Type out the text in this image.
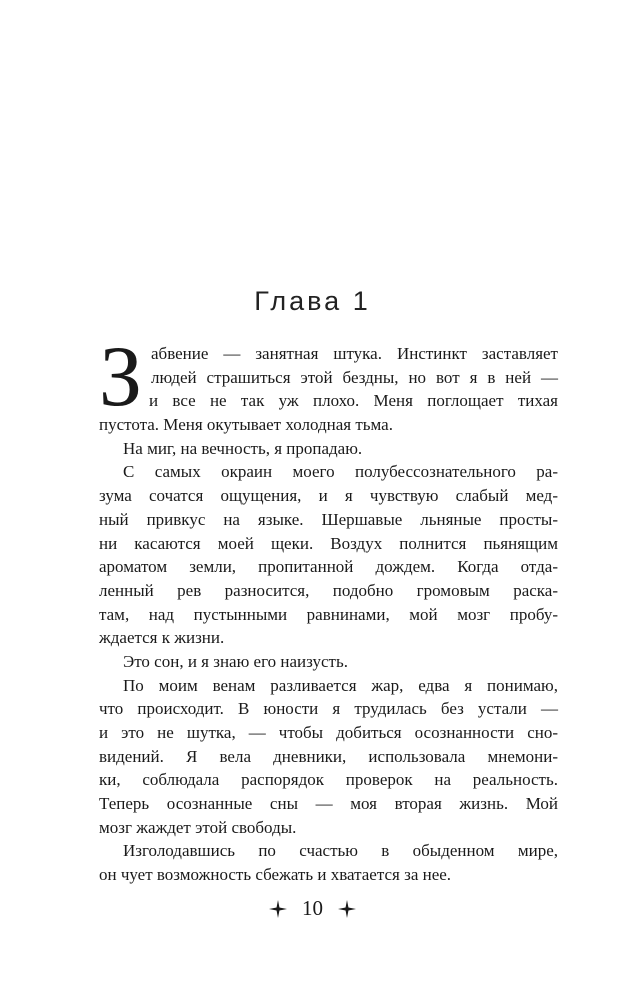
Глава 1
З абвение — занятная штука. Инстинкт заставляет
людей страшиться этой бездны, но вот я в ней —
и все не так уж плохо. Меня поглощает тихая
пустота. Меня окутывает холодная тьма.
На миг, на вечность, я пропадаю.
С самых окраин моего полубессознательного ра-
зума сочатся ощущения, и я чувствую слабый мед-
ный привкус на языке. Шершавые льняные просты-
ни касаются моей щеки. Воздух полнится пьянящим
ароматом земли, пропитанной дождем. Когда отда-
ленный рев разносится, подобно громовым раска-
там, над пустынными равнинами, мой мозг пробу-
ждается к жизни.
Это сон, и я знаю его наизусть.
По моим венам разливается жар, едва я понимаю,
что происходит. В юности я трудилась без устали —
и это не шутка, — чтобы добиться осознанности сно-
видений. Я вела дневники, использовала мнемони-
ки, соблюдала распорядок проверок на реальность.
Теперь осознанные сны — моя вторая жизнь. Мой
мозг жаждет этой свободы.
Изголодавшись по счастью в обыденном мире,
он чует возможность сбежать и хватается за нее.
10
